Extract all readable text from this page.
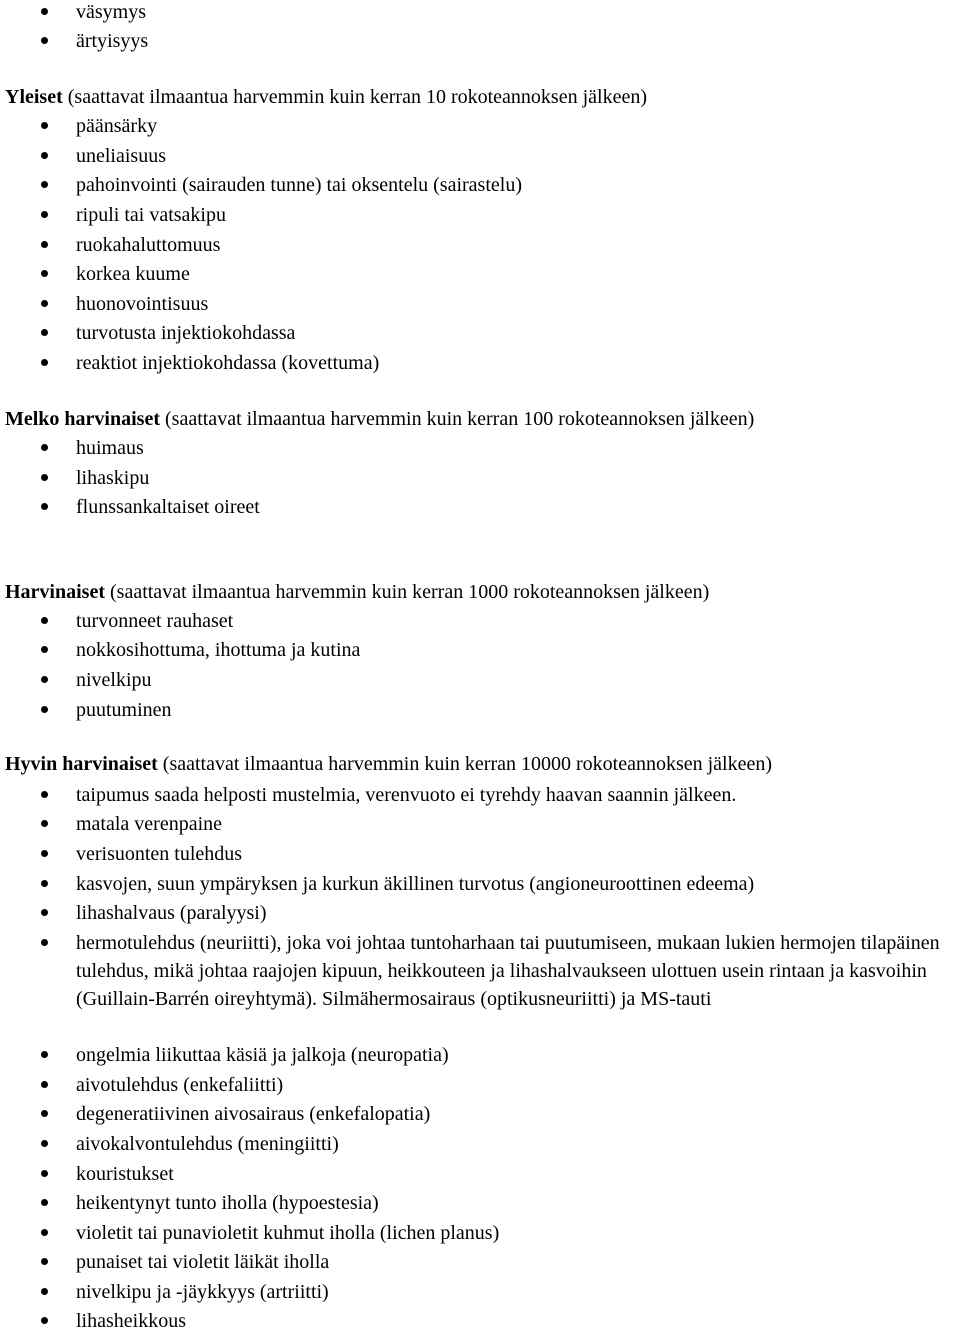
väsymys
ärtyisyys
Yleiset (saattavat ilmaantua harvemmin kuin kerran 10 rokoteannoksen jälkeen)
päänsärky
uneliaisuus
pahoinvointi (sairauden tunne) tai oksentelu (sairastelu)
ripuli tai vatsakipu
ruokahaluttomuus
korkea kuume
huonovointisuus
turvotusta injektiokohdassa
reaktiot injektiokohdassa (kovettuma)
Melko harvinaiset (saattavat ilmaantua harvemmin kuin kerran 100 rokoteannoksen jälkeen)
huimaus
lihaskipu
flunssankaltaiset oireet
Harvinaiset (saattavat ilmaantua harvemmin kuin kerran 1000 rokoteannoksen jälkeen)
turvonneet rauhaset
nokkosihottuma, ihottuma ja kutina
nivelkipu
puutuminen
Hyvin harvinaiset (saattavat ilmaantua harvemmin kuin kerran 10000 rokoteannoksen jälkeen)
taipumus saada helposti mustelmia, verenvuoto ei tyrehdy haavan saannin jälkeen.
matala verenpaine
verisuonten tulehdus
kasvojen, suun ympäryksen ja kurkun äkillinen turvotus (angioneuroottinen edeema)
lihashalvaus (paralyysi)
hermotulehdus (neuriitti), joka voi johtaa tuntoharhaan tai puutumiseen, mukaan lukien hermojen tilapäinen tulehdus, mikä johtaa raajojen kipuun, heikkouteen ja lihashalvaukseen ulottuen usein rintaan ja kasvoihin (Guillain-Barrén oireyhtymä). Silmähermosairaus (optikusneuriitti) ja MS-tauti
ongelmia liikuttaa käsiä ja jalkoja (neuropatia)
aivotulehdus (enkefaliitti)
degeneratiivinen aivosairaus (enkefalopatia)
aivokalvontulehdus (meningiitti)
kouristukset
heikentynyt tunto iholla (hypoestesia)
violetit tai punavioletit kuhmut iholla (lichen planus)
punaiset tai violetit läikät iholla
nivelkipu ja -jäykkyys (artriitti)
lihasheikkous
